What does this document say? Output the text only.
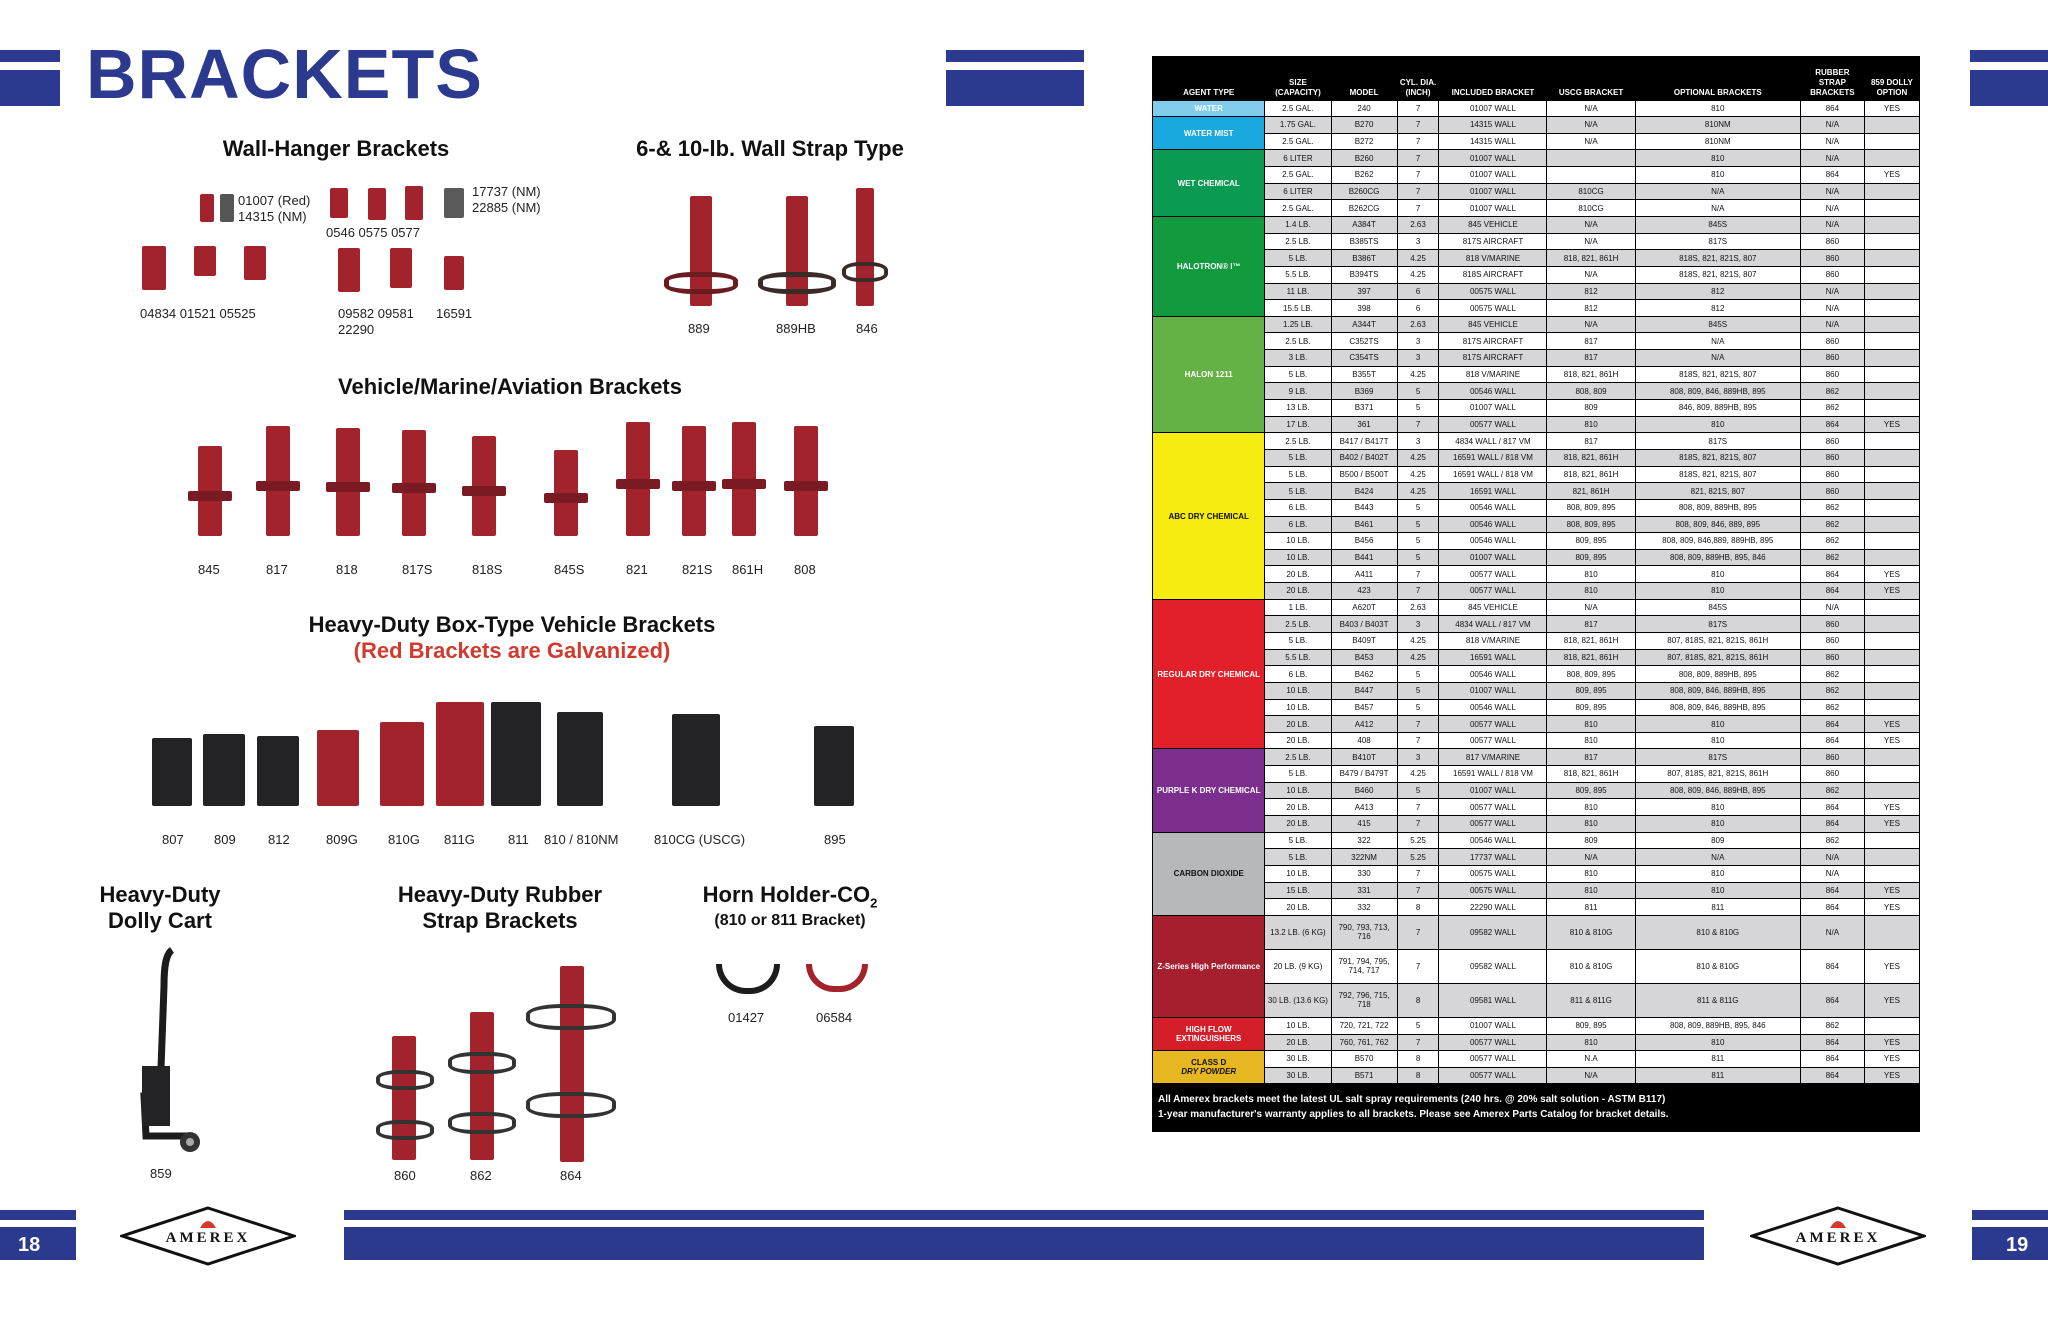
BRACKETS
Wall-Hanger Brackets
01007 (Red)
14315 (NM)
0546 0575 0577
17737 (NM)
22885 (NM)
04834 01521 05525	09582 09581 16591
22290
6-& 10-lb. Wall Strap Type
889	889HB	846
Vehicle/Marine/Aviation Brackets
845	817	818	817S	818S	845S	821	821S 861H 808
Heavy-Duty Box-Type Vehicle Brackets
(Red Brackets are Galvanized)
807 809 812	809G 810G 811G	811 810 / 810NM	810CG (USCG)	895
Heavy-Duty
Dolly Cart
859
Heavy-Duty Rubber
Strap Brackets
860	862	864
Horn Holder-$CO_2$
(810 or 811 Bracket)
01427	06584
AGENT TYPE	SIZE (CAPACITY)	MODEL	CYL. DIA. (INCH)	INCLUDED BRACKET	USCG BRACKET	OPTIONAL BRACKETS	RUBBER STRAP BRACKETS	859 DOLLY OPTION
WATER	2.5 GAL.	240	7	01007 WALL	N/A	810	864	YES
WATER MIST	1.75 GAL.	B270	7	14315 WALL	N/A	810NM	N/A	
	2.5 GAL.	B272	7	14315 WALL	N/A	810NM	N/A	
WET CHEMICAL	6 LITER	B260	7	01007 WALL		810	N/A	
	2.5 GAL.	B262	7	01007 WALL		810	864	YES
	6 LITER	B260CG	7	01007 WALL	810CG	N/A	N/A	
	2.5 GAL.	B262CG	7	01007 WALL	810CG	N/A	N/A	
HALOTRON® I™	1.4 LB.	A384T	2.63	845 VEHICLE	N/A	845S	N/A	
	2.5 LB.	B385TS	3	817S AIRCRAFT	N/A	817S	860	
	5 LB.	B386T	4.25	818 V/MARINE	818, 821, 861H	818S, 821, 821S, 807	860	
	5.5 LB.	B394TS	4.25	818S AIRCRAFT	N/A	818S, 821, 821S, 807	860	
	11 LB.	397	6	00575 WALL	812	812	N/A	
	15.5 LB.	398	6	00575 WALL	812	812	N/A	
HALON 1211	1.25 LB.	A344T	2.63	845 VEHICLE	N/A	845S	N/A	
	2.5 LB.	C352TS	3	817S AIRCRAFT	817	N/A	860	
	3 LB.	C354TS	3	817S AIRCRAFT	817	N/A	860	
	5 LB.	B355T	4.25	818 V/MARINE	818, 821, 861H	818S, 821, 821S, 807	860	
	9 LB.	B369	5	00546 WALL	808, 809	808, 809, 846, 889HB, 895	862	
	13 LB.	B371	5	01007 WALL	809	846, 809, 889HB, 895	862	
	17 LB.	361	7	00577 WALL	810	810	864	YES
ABC DRY CHEMICAL	2.5 LB.	B417 / B417T	3	4834 WALL / 817 VM	817	817S	860	
	5 LB.	B402 / B402T	4.25	16591 WALL / 818 VM	818, 821, 861H	818S, 821, 821S, 807	860	
	5 LB.	B500 / B500T	4.25	16591 WALL / 818 VM	818, 821, 861H	818S, 821, 821S, 807	860	
	5 LB.	B424	4.25	16591 WALL	821, 861H	821, 821S, 807	860	
	6 LB.	B443	5	00546 WALL	808, 809, 895	808, 809, 889HB, 895	862	
	6 LB.	B461	5	00546 WALL	808, 809, 895	808, 809, 846, 889, 895	862	
	10 LB.	B456	5	00546 WALL	809, 895	808, 809, 846,889, 889HB, 895	862	
	10 LB.	B441	5	01007 WALL	809, 895	808, 809, 889HB, 895, 846	862	
	20 LB.	A411	7	00577 WALL	810	810	864	YES
	20 LB.	423	7	00577 WALL	810	810	864	YES
REGULAR DRY CHEMICAL	1 LB.	A620T	2.63	845 VEHICLE	N/A	845S	N/A	
	2.5 LB.	B403 / B403T	3	4834 WALL / 817 VM	817	817S	860	
	5 LB.	B409T	4.25	818 V/MARINE	818, 821, 861H	807, 818S, 821, 821S, 861H	860	
	5.5 LB.	B453	4.25	16591 WALL	818, 821, 861H	807, 818S, 821, 821S, 861H	860	
	6 LB.	B462	5	00546 WALL	808, 809, 895	808, 809, 889HB, 895	862	
	10 LB.	B447	5	01007 WALL	809, 895	808, 809, 846, 889HB, 895	862	
	10 LB.	B457	5	00546 WALL	809, 895	808, 809, 846, 889HB, 895	862	
	20 LB.	A412	7	00577 WALL	810	810	864	YES
	20 LB.	408	7	00577 WALL	810	810	864	YES
PURPLE K DRY CHEMICAL	2.5 LB.	B410T	3	817 V/MARINE	817	817S	860	
	5 LB.	B479 / B479T	4.25	16591 WALL / 818 VM	818, 821, 861H	807, 818S, 821, 821S, 861H	860	
	10 LB.	B460	5	01007 WALL	809, 895	808, 809, 846, 889HB, 895	862	
	20 LB.	A413	7	00577 WALL	810	810	864	YES
	20 LB.	415	7	00577 WALL	810	810	864	YES
CARBON DIOXIDE	5 LB.	322	5.25	00546 WALL	809	809	862	
	5 LB.	322NM	5.25	17737 WALL	N/A	N/A	N/A	
	10 LB.	330	7	00575 WALL	810	810	N/A	
	15 LB.	331	7	00575 WALL	810	810	864	YES
	20 LB.	332	8	22290 WALL	811	811	864	YES
Z-Series High Performance	13.2 LB. (6 KG)	790, 793, 713, 716	7	09582 WALL	810 & 810G	810 & 810G	N/A	
	20 LB. (9 KG)	791, 794, 795, 714, 717	7	09582 WALL	810 & 810G	810 & 810G	864	YES
	30 LB. (13.6 KG)	792, 796, 715, 718	8	09581 WALL	811 & 811G	811 & 811G	864	YES
HIGH FLOW EXTINGUISHERS	10 LB.	720, 721, 722	5	01007 WALL	809, 895	808, 809, 889HB, 895, 846	862	
	20 LB.	760, 761, 762	7	00577 WALL	810	810	864	YES
CLASS D
DRY POWDER	30 LB.	B570	8	00577 WALL	N.A	811	864	YES
	30 LB.	B571	8	00577 WALL	N/A	811	864	YES
All Amerex brackets meet the latest UL salt spray requirements (240 hrs. @ 20% salt solution - ASTM B117)
1-year manufacturer's warranty applies to all brackets. Please see Amerex Parts Catalog for bracket details.
18	19
AMEREX	AMEREX
